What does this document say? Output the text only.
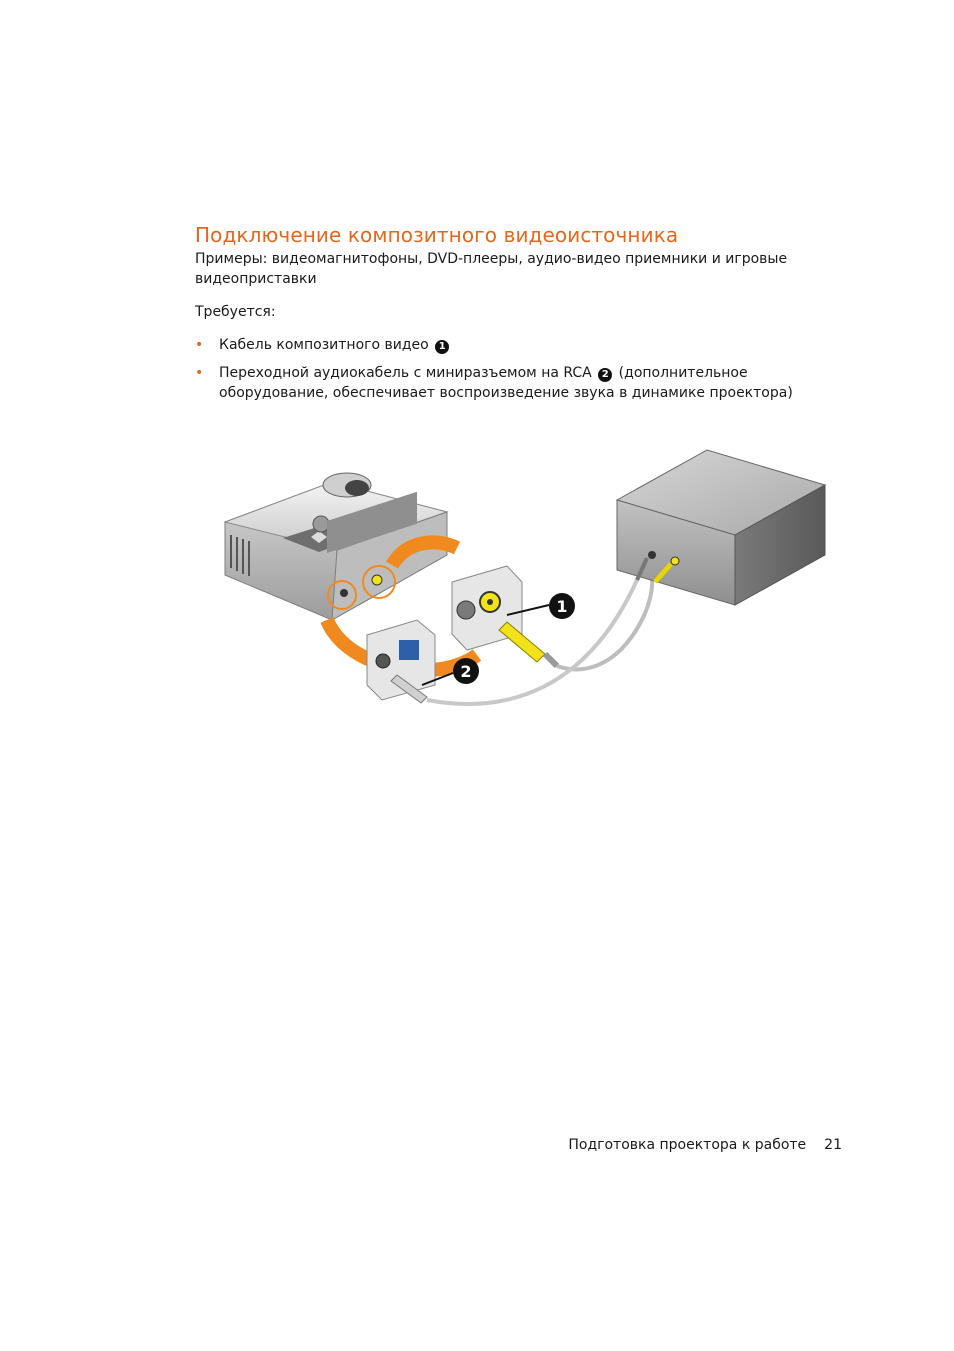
Подключение композитного видеоисточника

Примеры: видеомагнитофоны, DVD-плееры, аудио-видео приемники и игровые видеоприставки

Требуется:

• Кабель композитного видео 1
• Переходной аудиокабель с миниразъемом на RCA 2 (дополнительное оборудование, обеспечивает воспроизведение звука в динамике проектора)
1
2
Подготовка проектора к работе 21
